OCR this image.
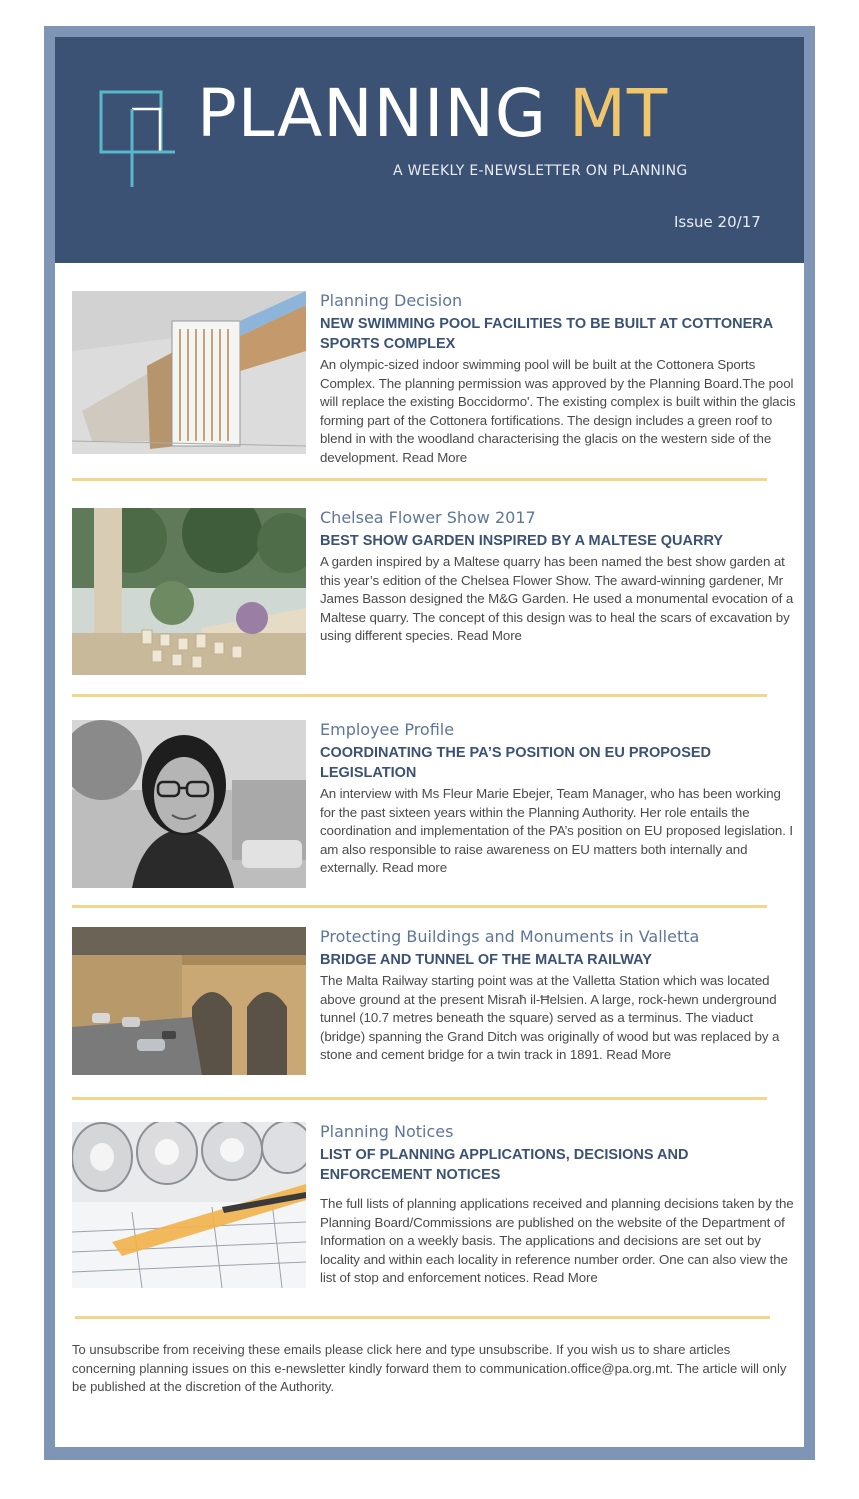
PLANNING MT
A WEEKLY E-NEWSLETTER ON PLANNING
Issue 20/17

Planning Decision

NEW SWIMMING POOL FACILITIES TO BE BUILT AT COTTONERA SPORTS COMPLEX

An olympic-sized indoor swimming pool will be built at the Cottonera Sports Complex. The planning permission was approved by the Planning Board.The pool will replace the existing Boccidormo'. The existing complex is built within the glacis forming part of the Cottonera fortifications. The design includes a green roof to blend in with the woodland characterising the glacis on the western side of the development. Read More

Chelsea Flower Show 2017

BEST SHOW GARDEN INSPIRED BY A MALTESE QUARRY

A garden inspired by a Maltese quarry has been named the best show garden at this year’s edition of the Chelsea Flower Show. The award-winning gardener, Mr James Basson designed the M&G Garden. He used a monumental evocation of a Maltese quarry. The concept of this design was to heal the scars of excavation by using different species. Read More

Employee Profile

COORDINATING THE PA’S POSITION ON EU PROPOSED LEGISLATION

An interview with Ms Fleur Marie Ebejer, Team Manager, who has been working for the past sixteen years within the Planning Authority. Her role entails the coordination and implementation of the PA’s position on EU proposed legislation. I am also responsible to raise awareness on EU matters both internally and externally. Read more

Protecting Buildings and Monuments in Valletta

BRIDGE AND TUNNEL OF THE MALTA RAILWAY

The Malta Railway starting point was at the Valletta Station which was located above ground at the present Misraħ il-Ħelsien. A large, rock-hewn underground tunnel (10.7 metres beneath the square) served as a terminus. The viaduct (bridge) spanning the Grand Ditch was originally of wood but was replaced by a stone and cement bridge for a twin track in 1891. Read More

Planning Notices

LIST OF PLANNING APPLICATIONS, DECISIONS AND ENFORCEMENT NOTICES

The full lists of planning applications received and planning decisions taken by the Planning Board/Commissions are published on the website of the Department of Information on a weekly basis. The applications and decisions are set out by locality and within each locality in reference number order. One can also view the list of stop and enforcement notices. Read More

To unsubscribe from receiving these emails please click here and type unsubscribe. If you wish us to share articles concerning planning issues on this e-newsletter kindly forward them to communication.office@pa.org.mt. The article will only be published at the discretion of the Authority.
